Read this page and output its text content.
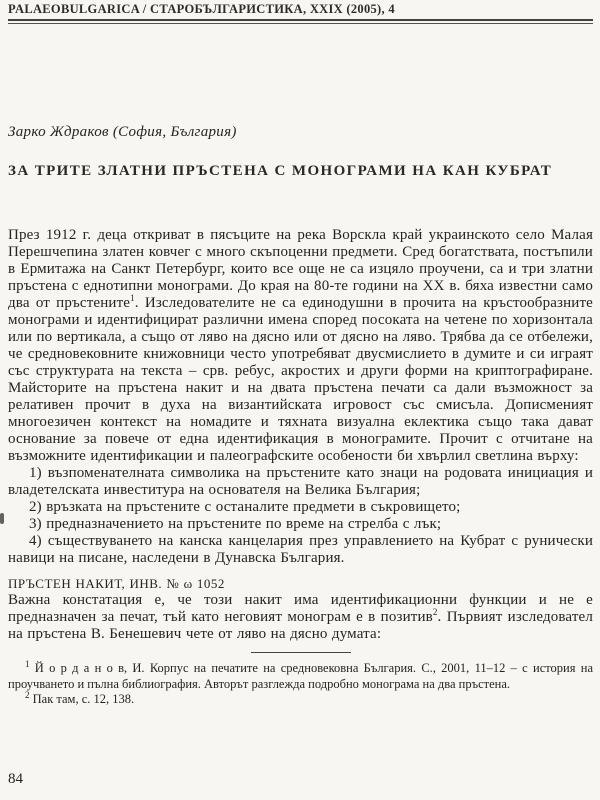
PALAEOBULGARICA / СТАРОБЪЛГАРИСТИКА, XXIX (2005), 4
Зарко Ждраков (София, България)
ЗА ТРИТЕ ЗЛАТНИ ПРЪСТЕНА С МОНОГРАМИ НА КАН КУБРАТ

През 1912 г. деца откриват в пясъците на река Ворскла край украинското село Малая Перешчепина златен ковчег с много скъпоценни предмети. Сред богатствата, постъпили в Ермитажа на Санкт Петербург, които все още не са изцяло проучени, са и три златни пръстена с еднотипни монограми. До края на 80-те години на XX в. бяха известни само два от пръстените$^1$. Изследователите не са единодушни в прочита на кръстообразните монограми и идентифицират различни имена според посоката на четене по хоризонтала или по вертикала, а също от ляво на дясно или от дясно на ляво. Трябва да се отбележи, че средновековните книжовници често употребяват двусмислието в думите и си играят със структурата на текста – срв. ребус, акростих и други форми на криптографиране. Майсторите на пръстена накит и на двата пръстена печати са дали възможност за релативен прочит в духа на византийската игровост със смисъла. Дописменият многоезичен контекст на номадите и тяхната визуална еклектика също така дават основание за повече от една идентификация в монограмите. Прочит с отчитане на възможните идентификации и палеографските особености би хвърлил светлина върху:

1) възпоменателната символика на пръстените като знаци на родовата инициация и владетелската инвеститура на основателя на Велика България;

2) връзката на пръстените с останалите предмети в съкровището;

3) предназначението на пръстените по време на стрелба с лък;

4) съществуването на канска канцелария през управлението на Кубрат с рунически навици на писане, наследени в Дунавска България.

ПРЪСТЕН НАКИТ, ИНВ. № ω 1052

Важна констатация е, че този накит има идентификационни функции и не е предназначен за печат, тъй като неговият монограм е в позитив$^2$. Първият изследовател на пръстена В. Бенешевич чете от ляво на дясно думата:

$^1$ Й о р д а н о в, И. Корпус на печатите на средновековна България. С., 2001, 11–12 – с история на проучването и пълна библиография. Авторът разглежда подробно монограма на два пръстена.

$^2$ Пак там, с. 12, 138.

84
